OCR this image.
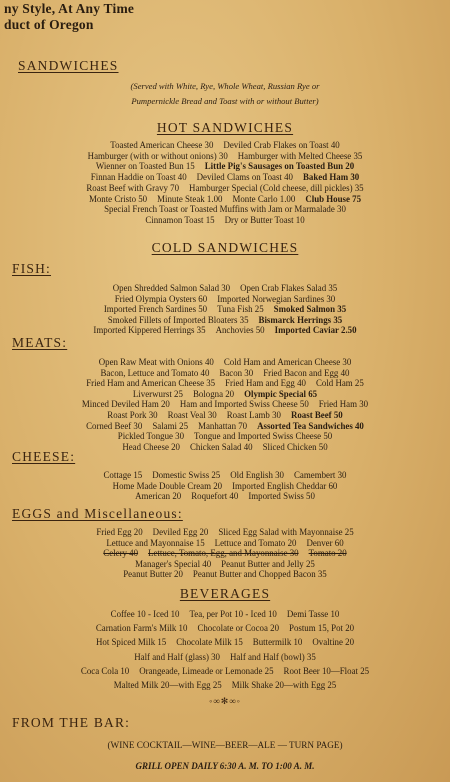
ny Style, At Any Time
duct of Oregon
SANDWICHES
(Served with White, Rye, Whole Wheat, Russian Rye or
Pumpernickle Bread and Toast with or without Butter)
HOT SANDWICHES
Toasted American Cheese 30 Deviled Crab Flakes on Toast 40
Hamburger (with or without onions) 30 Hamburger with Melted Cheese 35
Wienner on Toasted Bun 15 Little Pig's Sausages on Toasted Bun 20
Finnan Haddie on Toast 40 Deviled Clams on Toast 40 Baked Ham 30
Roast Beef with Gravy 70 Hamburger Special (Cold cheese, dill pickles) 35
Monte Cristo 50 Minute Steak 1.00 Monte Carlo 1.00 Club House 75
Special French Toast or Toasted Muffins with Jam or Marmalade 30
Cinnamon Toast 15 Dry or Butter Toast 10
COLD SANDWICHES
FISH:
Open Shredded Salmon Salad 30 Open Crab Flakes Salad 35
Fried Olympia Oysters 60 Imported Norwegian Sardines 30
Imported French Sardines 50 Tuna Fish 25 Smoked Salmon 35
Smoked Fillets of Imported Bloaters 35 Bismarck Herrings 35
Imported Kippered Herrings 35 Anchovies 50 Imported Caviar 2.50
MEATS:
Open Raw Meat with Onions 40 Cold Ham and American Cheese 30
Bacon, Lettuce and Tomato 40 Bacon 30 Fried Bacon and Egg 40
Fried Ham and American Cheese 35 Fried Ham and Egg 40 Cold Ham 25
Liverwurst 25 Bologna 20 Olympic Special 65
Minced Deviled Ham 20 Ham and Imported Swiss Cheese 50 Fried Ham 30
Roast Pork 30 Roast Veal 30 Roast Lamb 30 Roast Beef 50
Corned Beef 30 Salami 25 Manhattan 70 Assorted Tea Sandwiches 40
Pickled Tongue 30 Tongue and Imported Swiss Cheese 50
Head Cheese 20 Chicken Salad 40 Sliced Chicken 50
CHEESE:
Cottage 15 Domestic Swiss 25 Old English 30 Camembert 30
Home Made Double Cream 20 Imported English Cheddar 60
American 20 Roquefort 40 Imported Swiss 50
EGGS and Miscellaneous:
Fried Egg 20 Deviled Egg 20 Sliced Egg Salad with Mayonnaise 25
Lettuce and Mayonnaise 15 Lettuce and Tomato 20 Denver 60
Celery 40 Lettuce, Tomato, Egg, and Mayonnaise 30 Tomato 20
Manager's Special 40 Peanut Butter and Jelly 25
Peanut Butter 20 Peanut Butter and Chopped Bacon 35
BEVERAGES
Coffee 10 - Iced 10 Tea, per Pot 10 - Iced 10 Demi Tasse 10
Carnation Farm's Milk 10 Chocolate or Cocoa 20 Postum 15, Pot 20
Hot Spiced Milk 15 Chocolate Milk 15 Buttermilk 10 Ovaltine 20
Half and Half (glass) 30 Half and Half (bowl) 35
Coca Cola 10 Orangeade, Limeade or Lemonade 25 Root Beer 10—Float 25
Malted Milk 20—with Egg 25 Milk Shake 20—with Egg 25
◦∞✻∞◦
FROM THE BAR:
(WINE COCKTAIL—WINE—BEER—ALE — TURN PAGE)
GRILL OPEN DAILY 6:30 A. M. TO 1:00 A. M.
